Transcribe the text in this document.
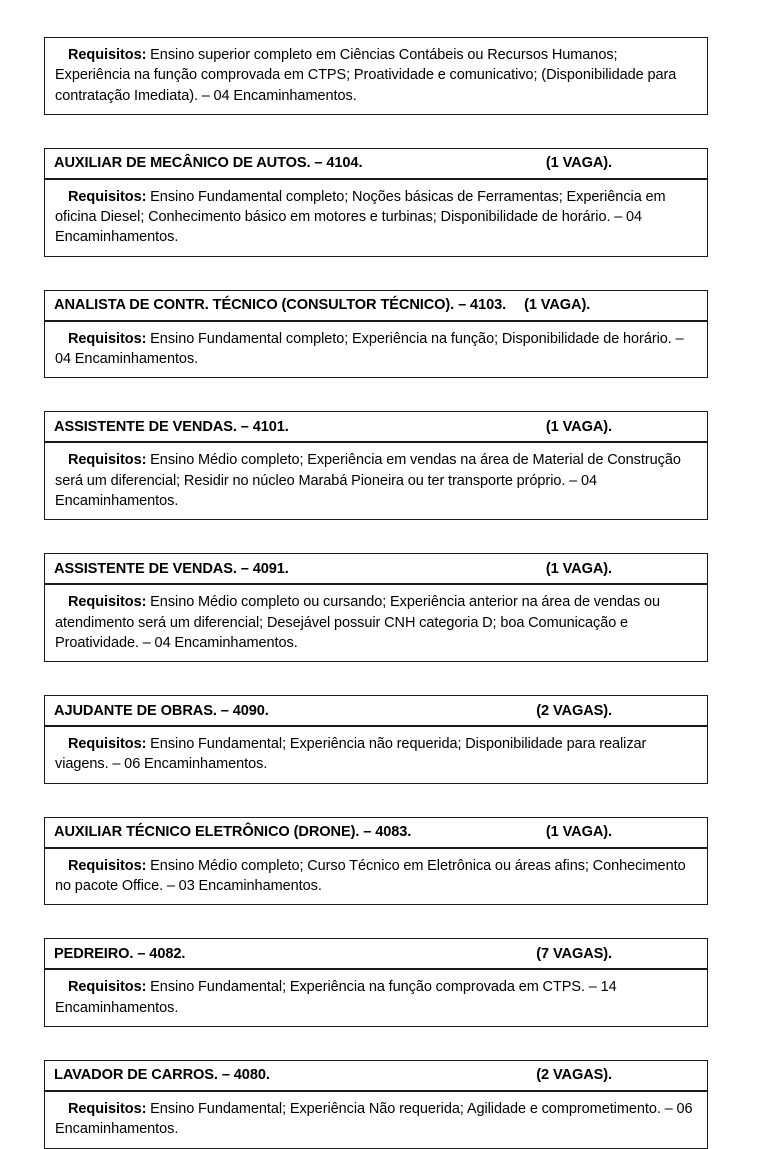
Requisitos: Ensino superior completo em Ciências Contábeis ou Recursos Humanos; Experiência na função comprovada em CTPS; Proatividade e comunicativo; (Disponibilidade para contratação Imediata). – 04 Encaminhamentos.
AUXILIAR DE MECÂNICO DE AUTOS. – 4104.	(1 VAGA).
Requisitos: Ensino Fundamental completo; Noções básicas de Ferramentas; Experiência em oficina Diesel; Conhecimento básico em motores e turbinas; Disponibilidade de horário. – 04 Encaminhamentos.
ANALISTA DE CONTR. TÉCNICO (CONSULTOR TÉCNICO). – 4103. (1 VAGA).
Requisitos: Ensino Fundamental completo; Experiência na função; Disponibilidade de horário. – 04 Encaminhamentos.
ASSISTENTE DE VENDAS. – 4101.	(1 VAGA).
Requisitos: Ensino Médio completo; Experiência em vendas na área de Material de Construção será um diferencial; Residir no núcleo Marabá Pioneira ou ter transporte próprio. – 04 Encaminhamentos.
ASSISTENTE DE VENDAS. – 4091.	(1 VAGA).
Requisitos: Ensino Médio completo ou cursando; Experiência anterior na área de vendas ou atendimento será um diferencial; Desejável possuir CNH categoria D; boa Comunicação e Proatividade. – 04 Encaminhamentos.
AJUDANTE DE OBRAS. – 4090.	(2 VAGAS).
Requisitos: Ensino Fundamental; Experiência não requerida; Disponibilidade para realizar viagens. – 06 Encaminhamentos.
AUXILIAR TÉCNICO ELETRÔNICO (DRONE). – 4083.	(1 VAGA).
Requisitos: Ensino Médio completo; Curso Técnico em Eletrônica ou áreas afins; Conhecimento no pacote Office. – 03 Encaminhamentos.
PEDREIRO. – 4082.	(7 VAGAS).
Requisitos: Ensino Fundamental; Experiência na função comprovada em CTPS. – 14 Encaminhamentos.
LAVADOR DE CARROS. – 4080.	(2 VAGAS).
Requisitos: Ensino Fundamental; Experiência Não requerida; Agilidade e comprometimento. – 06 Encaminhamentos.
